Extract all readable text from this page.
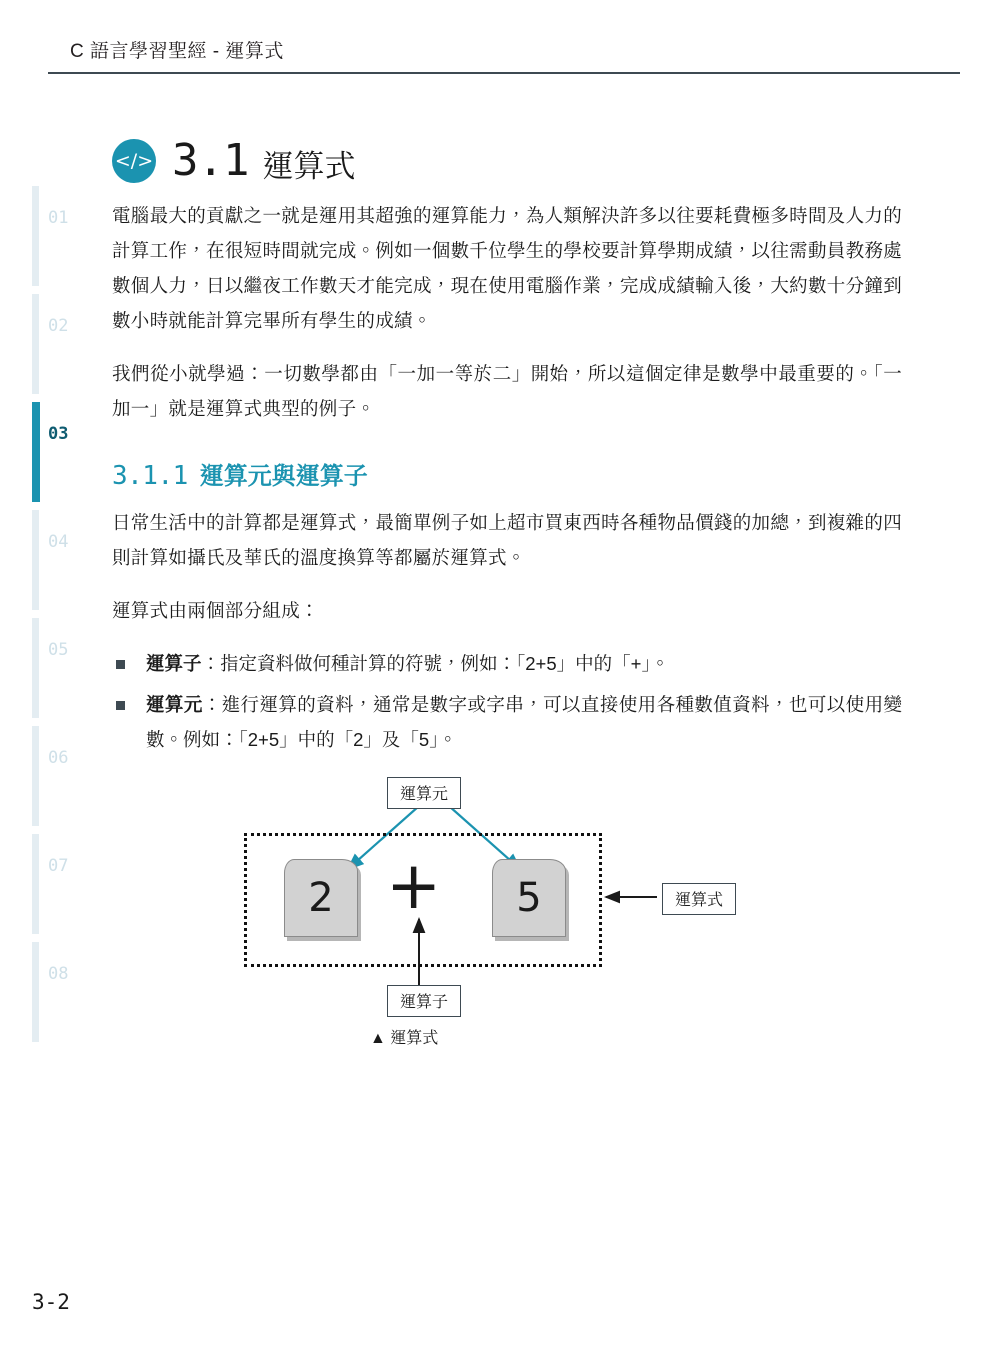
C 語言學習聖經 - 運算式
01
02
03
04
05
06
07
08
</> 3.1 運算式

電腦最大的貢獻之一就是運用其超強的運算能力，為人類解決許多以往要耗費極多時間及人力的計算工作，在很短時間就完成。例如一個數千位學生的學校要計算學期成績，以往需動員教務處數個人力，日以繼夜工作數天才能完成，現在使用電腦作業，完成成績輸入後，大約數十分鐘到數小時就能計算完畢所有學生的成績。

我們從小就學過：一切數學都由「一加一等於二」開始，所以這個定律是數學中最重要的。「一加一」就是運算式典型的例子。

3.1.1 運算元與運算子

日常生活中的計算都是運算式，最簡單例子如上超市買東西時各種物品價錢的加總，到複雜的四則計算如攝氏及華氏的溫度換算等都屬於運算式。

運算式由兩個部分組成：

運算子：指定資料做何種計算的符號，例如：「2+5」中的「+」。
運算元：進行運算的資料，通常是數字或字串，可以直接使用各種數值資料，也可以使用變數。例如：「2+5」中的「2」及「5」。
運算元
2 +	5	運算式
運算子
▲ 運算式
3-2
